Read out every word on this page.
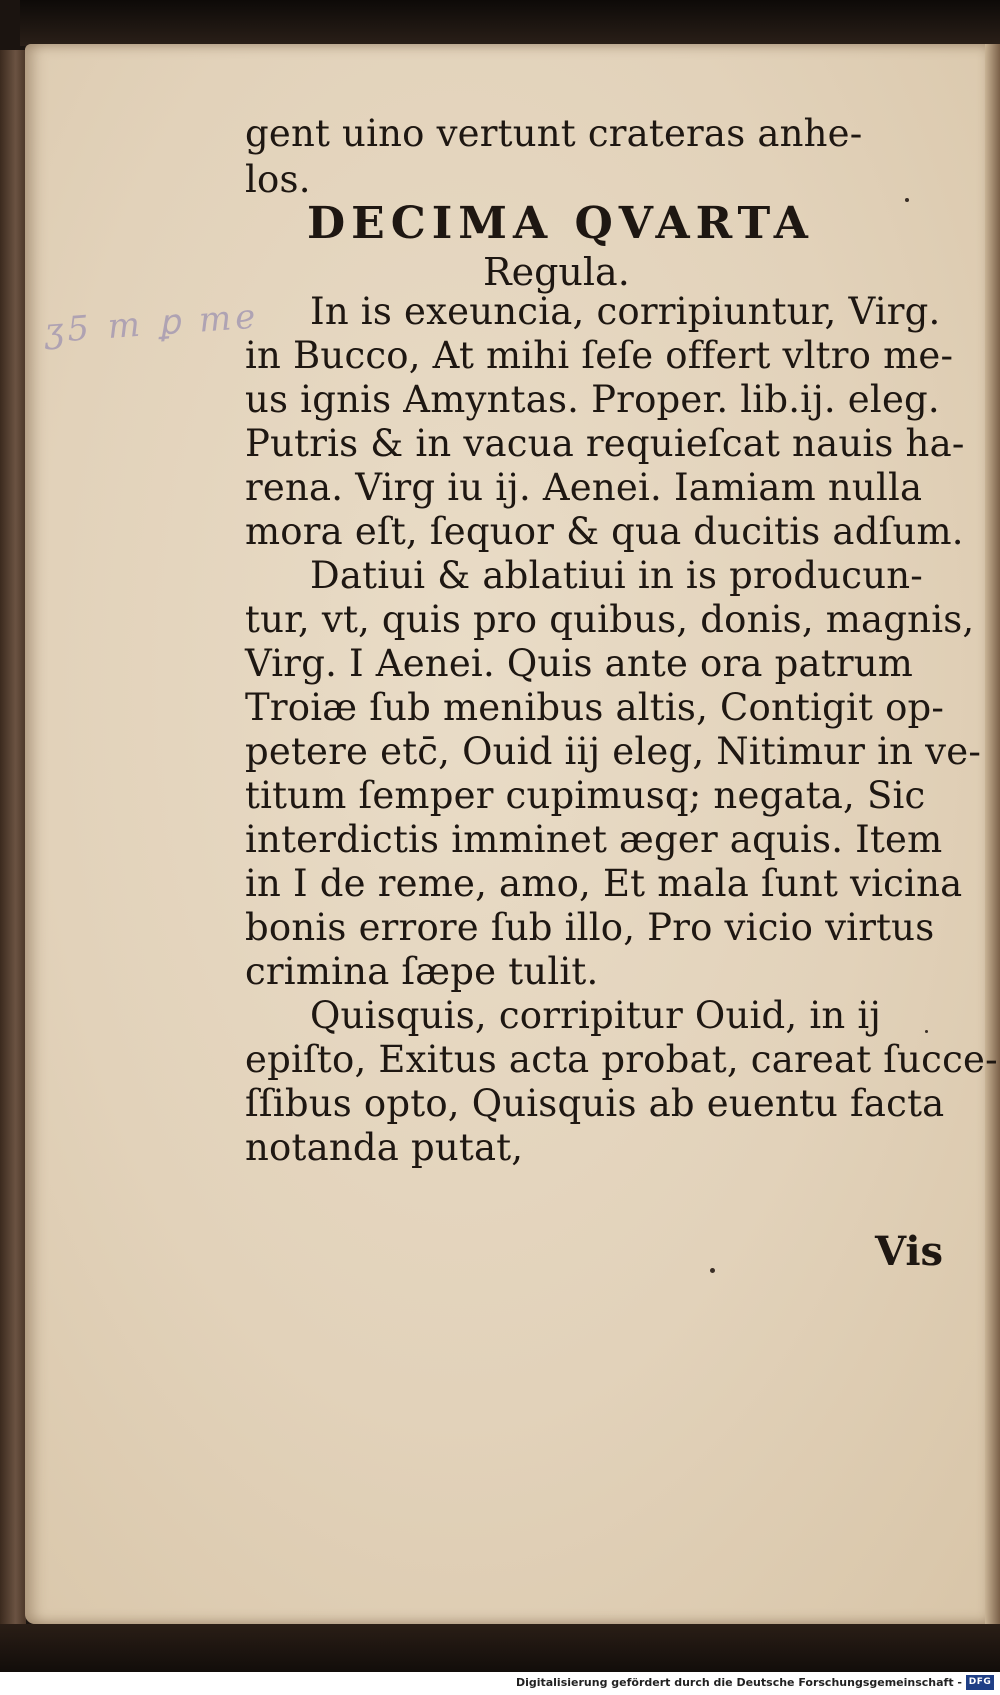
ʒ5 m ꝑ me
gent uino vertunt crateras anhe-
los.
DECIMA QVARTA
Regula.
In is exeuncia, corripiuntur, Virg.
in Bucco, At mihi ſeſe offert vltro me-
us ignis Amyntas. Proper. lib.ij. eleg.
Putris & in vacua requieſcat nauis ha-
rena. Virg iu ij. Aenei. Iamiam nulla
mora eſt, ſequor & qua ducitis adſum.
Datiui & ablatiui in is producun-
tur, vt, quis pro quibus, donis, magnis,
Virg. I Aenei. Quis ante ora patrum
Troiæ ſub menibus altis, Contigit op-
petere etc̄, Ouid iij eleg, Nitimur in ve-
titum ſemper cupimusq; negata, Sic
interdictis imminet æger aquis. Item
in I de reme, amo, Et mala ſunt vicina
bonis errore ſub illo, Pro vicio virtus
crimina ſæpe tulit.
Quisquis, corripitur Ouid, in ij
epiſto, Exitus acta probat, careat ſucce-
ſſibus opto, Quisquis ab euentu facta
notanda putat,
Vis
Digitalisierung gefördert durch die Deutsche Forschungsgemeinschaft - DFG
